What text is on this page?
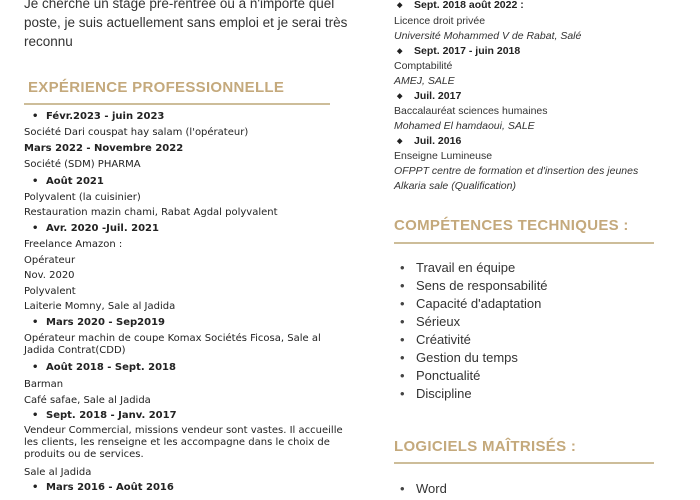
Je cherche un stage pré-rentrée ou à n'importe quel poste, je suis actuellement sans emploi et je serai très reconnu
EXPÉRIENCE PROFESSIONNELLE
• Févr.2023 - juin 2023
Société Dari couspat hay salam (l'opérateur)
Mars 2022 - Novembre 2022
Société (SDM) PHARMA
• Août 2021
Polyvalent (la cuisinier)
Restauration mazin chami, Rabat Agdal polyvalent
• Avr. 2020 -Juil. 2021
Freelance Amazon :
Opérateur
Nov. 2020
Polyvalent
Laiterie Momny, Sale al Jadida
• Mars 2020 - Sep2019
Opérateur machin de coupe Komax Sociétés Ficosa, Sale al Jadida Contrat(CDD)
• Août 2018 - Sept. 2018
Barman
Café safae, Sale al Jadida
• Sept. 2018 - Janv. 2017
Vendeur Commercial, missions vendeur sont vastes. Il accueille les clients, les renseigne et les accompagne dans le choix de produits ou de services.
Sale al Jadida
• Mars 2016 - Août 2016
◆ Sept. 2018 août 2022 :
Licence droit privée
Université Mohammed V de Rabat, Salé
◆ Sept. 2017 - juin 2018
Comptabilité
AMEJ, SALE
◆ Juil. 2017
Baccalauréat sciences humaines
Mohamed El hamdaoui, SALE
◆ Juil. 2016
Enseigne Lumineuse
OFPPT centre de formation et d'insertion des jeunes
Alkaria sale (Qualification)
COMPÉTENCES TECHNIQUES :
• Travail en équipe
• Sens de responsabilité
• Capacité d'adaptation
• Sérieux
• Créativité
• Gestion du temps
• Ponctualité
• Discipline
LOGICIELS MAÎTRISÉS :
• Word
